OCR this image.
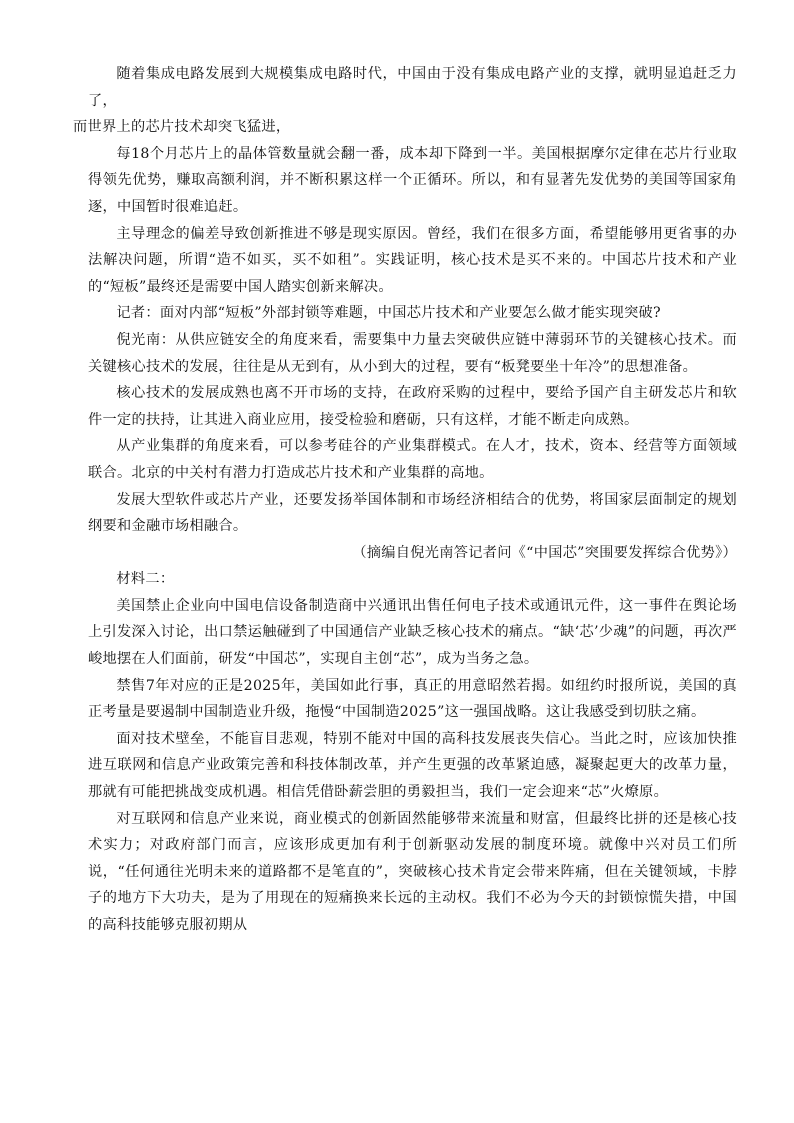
随着集成电路发展到大规模集成电路时代，中国由于没有集成电路产业的支撑，就明显追赶乏力了，

而世界上的芯片技术却突飞猛进，

每18个月芯片上的晶体管数量就会翻一番，成本却下降到一半。美国根据摩尔定律在芯片行业取得领先优势，赚取高额利润，并不断积累这样一个正循环。所以，和有显著先发优势的美国等国家角逐，中国暂时很难追赶。

主导理念的偏差导致创新推进不够是现实原因。曾经，我们在很多方面，希望能够用更省事的办法解决问题，所谓“造不如买，买不如租”。实践证明，核心技术是买不来的。中国芯片技术和产业的“短板”最终还是需要中国人踏实创新来解决。

记者：面对内部“短板”外部封锁等难题，中国芯片技术和产业要怎么做才能实现突破?

倪光南：从供应链安全的角度来看，需要集中力量去突破供应链中薄弱环节的关键核心技术。而关键核心技术的发展，往往是从无到有，从小到大的过程，要有“板凳要坐十年冷”的思想准备。

核心技术的发展成熟也离不开市场的支持，在政府采购的过程中，要给予国产自主研发芯片和软件一定的扶持，让其进入商业应用，接受检验和磨砺，只有这样，才能不断走向成熟。

从产业集群的角度来看，可以参考硅谷的产业集群模式。在人才，技术，资本、经营等方面领域联合。北京的中关村有潜力打造成芯片技术和产业集群的高地。

发展大型软件或芯片产业，还要发扬举国体制和市场经济相结合的优势，将国家层面制定的规划纲要和金融市场相融合。

（摘编自倪光南答记者问《“中国芯”突围要发挥综合优势》）

材料二：

美国禁止企业向中国电信设备制造商中兴通讯出售任何电子技术或通讯元件，这一事件在舆论场上引发深入讨论，出口禁运触碰到了中国通信产业缺乏核心技术的痛点。“缺‘芯’少魂”的问题，再次严峻地摆在人们面前，研发“中国芯”，实现自主创“芯”，成为当务之急。

禁售7年对应的正是2025年，美国如此行事，真正的用意昭然若揭。如纽约时报所说，美国的真正考量是要遏制中国制造业升级，拖慢“中国制造2025”这一强国战略。这让我感受到切肤之痛。

面对技术壁垒，不能盲目悲观，特别不能对中国的高科技发展丧失信心。当此之时，应该加快推进互联网和信息产业政策完善和科技体制改革，并产生更强的改革紧迫感，凝聚起更大的改革力量，那就有可能把挑战变成机遇。相信凭借卧薪尝胆的勇毅担当，我们一定会迎来“芯”火燎原。

对互联网和信息产业来说，商业模式的创新固然能够带来流量和财富，但最终比拼的还是核心技术实力；对政府部门而言，应该形成更加有利于创新驱动发展的制度环境。就像中兴对员工们所说，“任何通往光明未来的道路都不是笔直的”，突破核心技术肯定会带来阵痛，但在关键领域，卡脖子的地方下大功夫，是为了用现在的短痛换来长远的主动权。我们不必为今天的封锁惊慌失措，中国的高科技能够克服初期从
